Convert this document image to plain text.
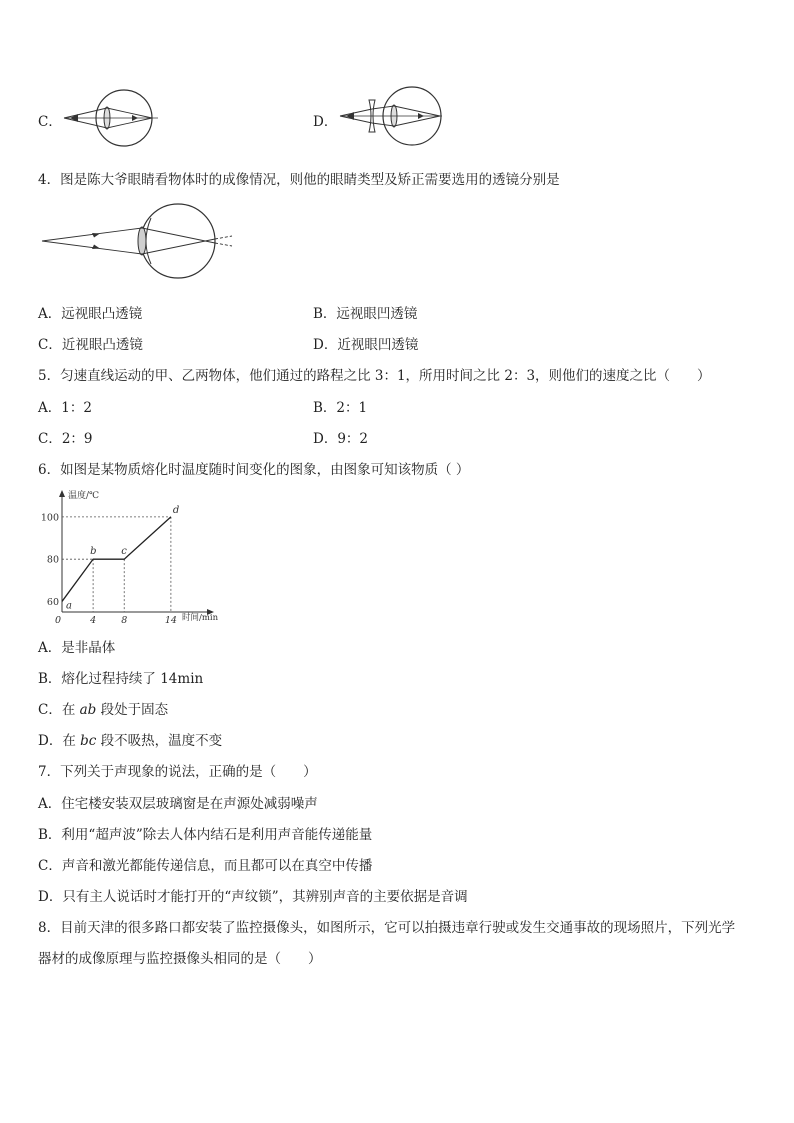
C．	D．
4．图是陈大爷眼睛看物体时的成像情况，则他的眼睛类型及矫正需要选用的透镜分别是
A．远视眼凸透镜	B．远视眼凹透镜
C．近视眼凸透镜	D．近视眼凹透镜
5．匀速直线运动的甲、乙两物体，他们通过的路程之比 3：1，所用时间之比 2：3，则他们的速度之比（　　）
A．1：2	B．2：1
C．2：9	D．9：2
6．如图是某物质熔化时温度随时间变化的图象，由图象可知该物质（ ）
温度/℃
时间/min
60
80
100
0	4	8	14
a
b c
d
A．是非晶体
B．熔化过程持续了 14min
C．在 ab 段处于固态
D．在 bc 段不吸热，温度不变
7．下列关于声现象的说法，正确的是（　　）
A．住宅楼安装双层玻璃窗是在声源处减弱噪声
B．利用“超声波”除去人体内结石是利用声音能传递能量
C．声音和激光都能传递信息，而且都可以在真空中传播
D．只有主人说话时才能打开的“声纹锁”，其辨别声音的主要依据是音调
8．目前天津的很多路口都安装了监控摄像头，如图所示，它可以拍摄违章行驶或发生交通事故的现场照片，下列光学
器材的成像原理与监控摄像头相同的是（　　）
